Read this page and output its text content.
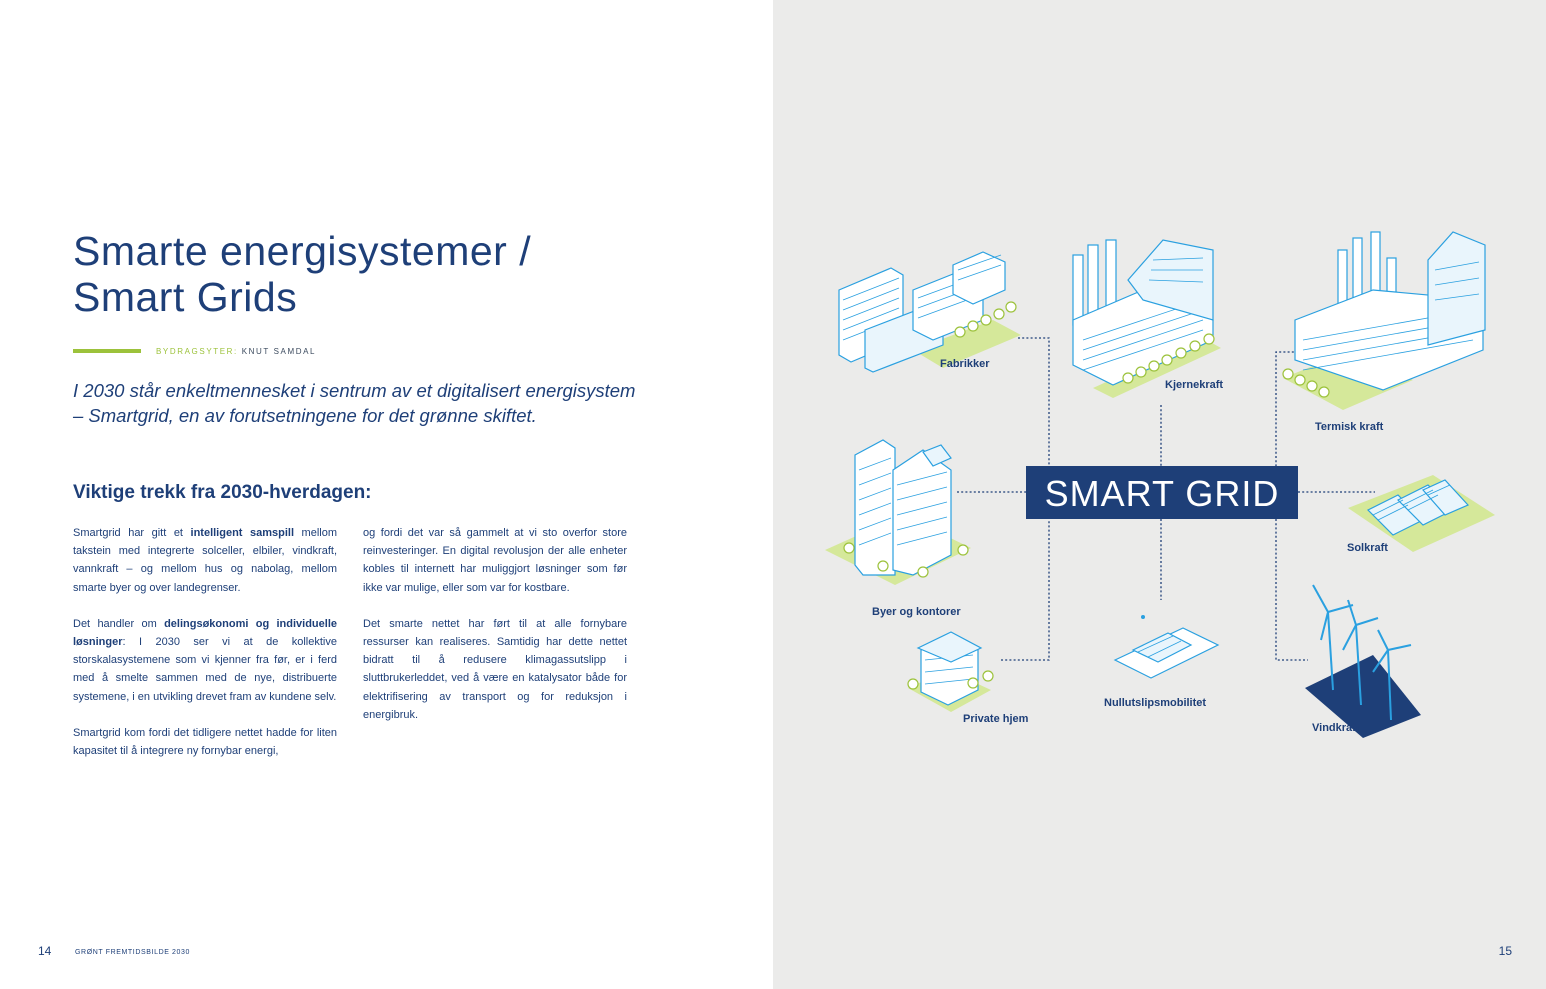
Smarte energisystemer /
Smart Grids
BYDRAGSYTER: KNUT SAMDAL

I 2030 står enkeltmennesket i sentrum av et digitalisert energisystem

– Smartgrid, en av forutsetningene for det grønne skiftet.

Viktige trekk fra 2030-hverdagen:

Smartgrid har gitt et intelligent samspill mellom takstein med integrerte solceller, elbiler, vindkraft, vannkraft – og mellom hus og nabolag, mellom smarte byer og over landegrenser.

Det handler om delingsøkonomi og individuelle løsninger: I 2030 ser vi at de kollektive storskalasystemene som vi kjenner fra før, er i ferd med å smelte sammen med de nye, distribuerte systemene, i en utvikling drevet fram av kundene selv.

Smartgrid kom fordi det tidligere nettet hadde for liten kapasitet til å integrere ny fornybar energi,

og fordi det var så gammelt at vi sto overfor store reinvesteringer. En digital revolusjon der alle enheter kobles til internett har muliggjort løsninger som før ikke var mulige, eller som var for kostbare.

Det smarte nettet har ført til at alle fornybare ressurser kan realiseres. Samtidig har dette nettet bidratt til å redusere klimagassutslipp i sluttbrukerleddet, ved å være en katalysator både for elektrifisering av transport og for reduksjon i energibruk.

14	GRØNT FREMTIDSBILDE 2030
Fabrikker
Kjernekraft
Termisk kraft
Byer og kontorer
SMART GRID
Solkraft
Private hjem
Nullutslipsmobilitet
Vindkraft
15
